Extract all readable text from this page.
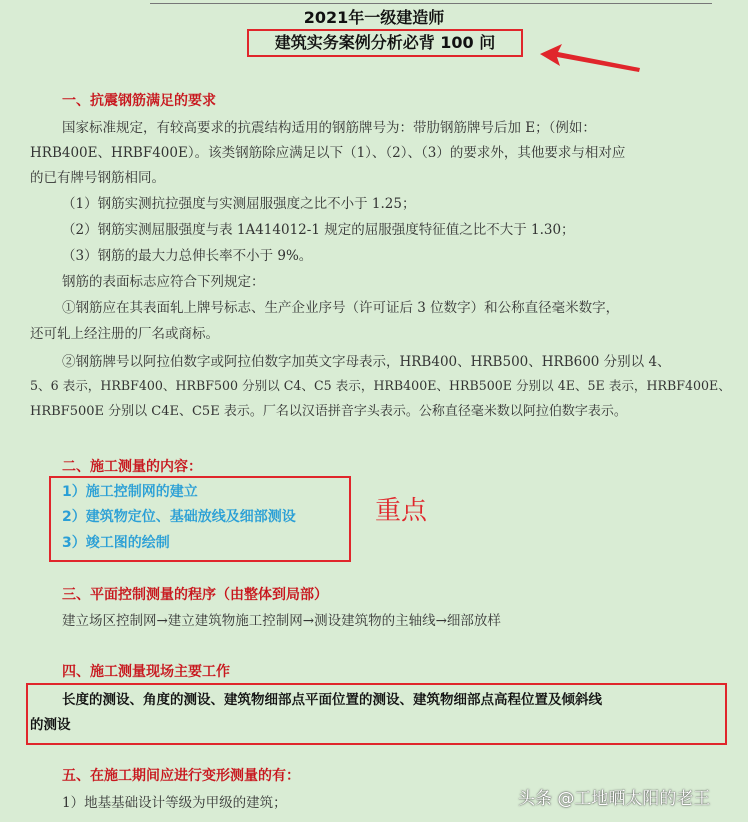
2021年一级建造师
建筑实务案例分析必背 100 问
一、抗震钢筋满足的要求
国家标准规定，有较高要求的抗震结构适用的钢筋牌号为：带肋钢筋牌号后加 E；（例如：
HRB400E、HRBF400E）。该类钢筋除应满足以下（1）、（2）、（3）的要求外，其他要求与相对应
的已有牌号钢筋相同。
（1）钢筋实测抗拉强度与实测屈服强度之比不小于 1.25；
（2）钢筋实测屈服强度与表 1A414012-1 规定的屈服强度特征值之比不大于 1.30；
（3）钢筋的最大力总伸长率不小于 9%。
钢筋的表面标志应符合下列规定：
①钢筋应在其表面轧上牌号标志、生产企业序号（许可证后 3 位数字）和公称直径毫米数字，
还可轧上经注册的厂名或商标。
②钢筋牌号以阿拉伯数字或阿拉伯数字加英文字母表示，HRB400、HRB500、HRB600 分别以 4、
5、6 表示，HRBF400、HRBF500 分别以 C4、C5 表示，HRB400E、HRB500E 分别以 4E、5E 表示，HRBF400E、
HRBF500E 分别以 C4E、C5E 表示。厂名以汉语拼音字头表示。公称直径毫米数以阿拉伯数字表示。
二、施工测量的内容：
1）施工控制网的建立
2）建筑物定位、基础放线及细部测设
3）竣工图的绘制
重点
三、平面控制测量的程序（由整体到局部）
建立场区控制网→建立建筑物施工控制网→测设建筑物的主轴线→细部放样
四、施工测量现场主要工作
长度的测设、角度的测设、建筑物细部点平面位置的测设、建筑物细部点高程位置及倾斜线
的测设
五、在施工期间应进行变形测量的有：
1）地基基础设计等级为甲级的建筑；	头条 @工地晒太阳的老王
